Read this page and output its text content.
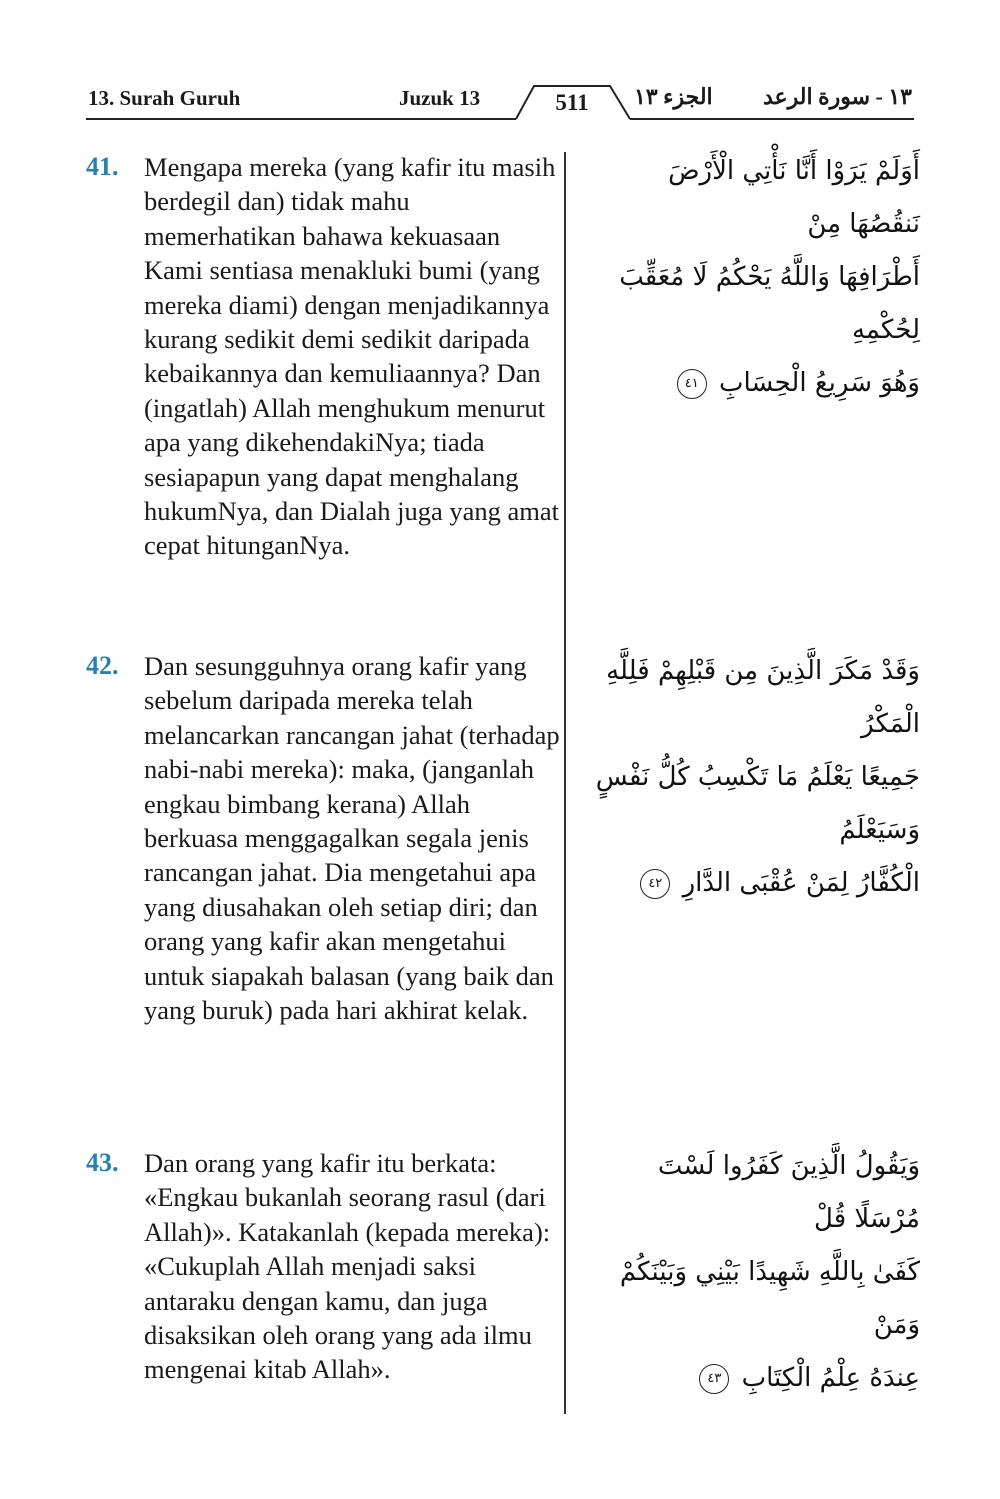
13. Surah Guruh	Juzuk 13	511	الجزء ١٣ ١٣ - سورة الرعد
41. Mengapa mereka (yang kafir itu masih berdegil dan) tidak mahu memerhatikan bahawa kekuasaan Kami sentiasa menakluki bumi (yang mereka diami) dengan menjadikannya kurang sedikit demi sedikit daripada kebaikannya dan kemuliaannya? Dan (ingatlah) Allah menghukum menurut apa yang dikehendakiNya; tiada sesiapapun yang dapat menghalang hukumNya, dan Dialah juga yang amat cepat hitunganNya.
أَوَلَمْ يَرَوْا أَنَّا نَأْتِي الْأَرْضَ نَنقُصُهَا مِنْ
أَطْرَافِهَا وَاللَّهُ يَحْكُمُ لَا مُعَقِّبَ لِحُكْمِهِ
وَهُوَ سَرِيعُ الْحِسَابِ ٤١
42. Dan sesungguhnya orang kafir yang sebelum daripada mereka telah melancarkan rancangan jahat (terhadap nabi-nabi mereka): maka, (janganlah engkau bimbang kerana) Allah berkuasa menggagalkan segala jenis rancangan jahat. Dia mengetahui apa yang diusahakan oleh setiap diri; dan orang yang kafir akan mengetahui untuk siapakah balasan (yang baik dan yang buruk) pada hari akhirat kelak.
وَقَدْ مَكَرَ الَّذِينَ مِن قَبْلِهِمْ فَلِلَّهِ الْمَكْرُ
جَمِيعًا يَعْلَمُ مَا تَكْسِبُ كُلُّ نَفْسٍ وَسَيَعْلَمُ
الْكُفَّارُ لِمَنْ عُقْبَى الدَّارِ ٤٢
43. Dan orang yang kafir itu berkata: «Engkau bukanlah seorang rasul (dari Allah)». Katakanlah (kepada mereka): «Cukuplah Allah menjadi saksi antaraku dengan kamu, dan juga disaksikan oleh orang yang ada ilmu mengenai kitab Allah».
وَيَقُولُ الَّذِينَ كَفَرُوا لَسْتَ مُرْسَلًا قُلْ
كَفَىٰ بِاللَّهِ شَهِيدًا بَيْنِي وَبَيْنَكُمْ وَمَنْ
عِندَهُ عِلْمُ الْكِتَابِ ٤٣
